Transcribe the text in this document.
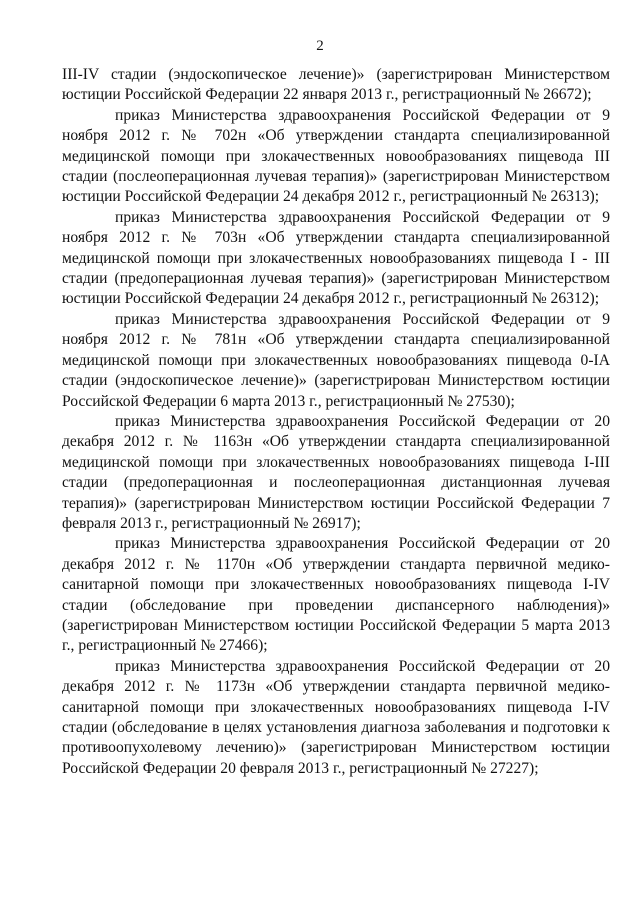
2

III-IV стадии (эндоскопическое лечение)» (зарегистрирован Министерством юстиции Российской Федерации 22 января 2013 г., регистрационный № 26672);

приказ Министерства здравоохранения Российской Федерации от 9 ноября 2012 г. № 702н «Об утверждении стандарта специализированной медицинской помощи при злокачественных новообразованиях пищевода III стадии (послеоперационная лучевая терапия)» (зарегистрирован Министерством юстиции Российской Федерации 24 декабря 2012 г., регистрационный № 26313);

приказ Министерства здравоохранения Российской Федерации от 9 ноября 2012 г. № 703н «Об утверждении стандарта специализированной медицинской помощи при злокачественных новообразованиях пищевода I - III стадии (предоперационная лучевая терапия)» (зарегистрирован Министерством юстиции Российской Федерации 24 декабря 2012 г., регистрационный № 26312);

приказ Министерства здравоохранения Российской Федерации от 9 ноября 2012 г. № 781н «Об утверждении стандарта специализированной медицинской помощи при злокачественных новообразованиях пищевода 0-IA стадии (эндоскопическое лечение)» (зарегистрирован Министерством юстиции Российской Федерации 6 марта 2013 г., регистрационный № 27530);

приказ Министерства здравоохранения Российской Федерации от 20 декабря 2012 г. № 1163н «Об утверждении стандарта специализированной медицинской помощи при злокачественных новообразованиях пищевода I-III стадии (предоперационная и послеоперационная дистанционная лучевая терапия)» (зарегистрирован Министерством юстиции Российской Федерации 7 февраля 2013 г., регистрационный № 26917);

приказ Министерства здравоохранения Российской Федерации от 20 декабря 2012 г. № 1170н «Об утверждении стандарта первичной медико-санитарной помощи при злокачественных новообразованиях пищевода I-IV стадии (обследование при проведении диспансерного наблюдения)» (зарегистрирован Министерством юстиции Российской Федерации 5 марта 2013 г., регистрационный № 27466);

приказ Министерства здравоохранения Российской Федерации от 20 декабря 2012 г. № 1173н «Об утверждении стандарта первичной медико-санитарной помощи при злокачественных новообразованиях пищевода I-IV стадии (обследование в целях установления диагноза заболевания и подготовки к противоопухолевому лечению)» (зарегистрирован Министерством юстиции Российской Федерации 20 февраля 2013 г., регистрационный № 27227);
